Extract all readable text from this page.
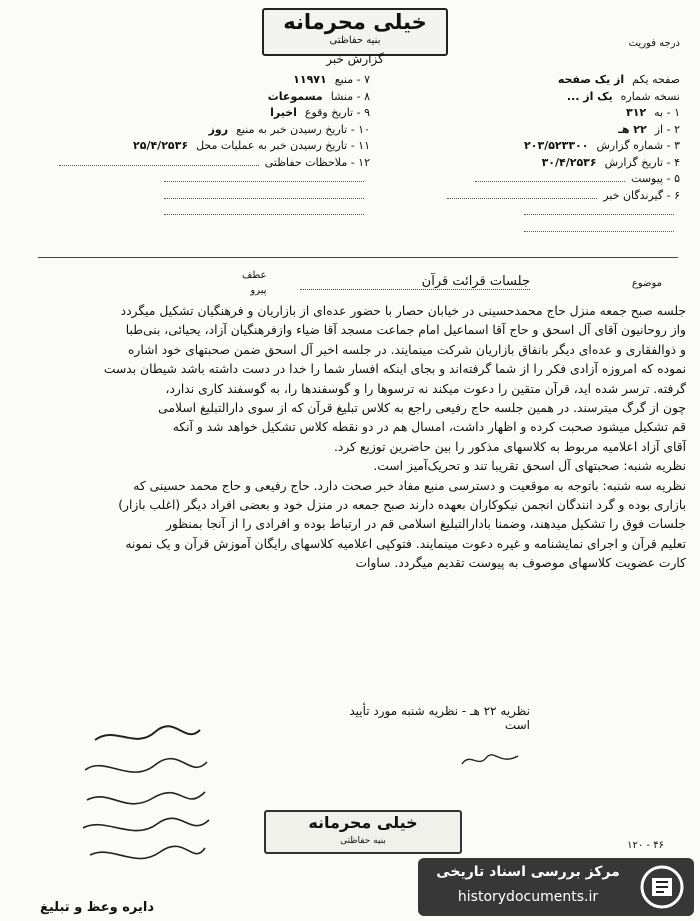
خیلی محرمانه
بنیه حفاظتی
گزارش خبر
درجه فوریت
صفحه یکماز یک صفحه
نسخه شمارهیک از ...
۱ - به۳۱۲
۲ - از۲۲ هـ
۳ - شماره گزارش۲۰۳/۵۲۳۳۰۰
۴ - تاریخ گزارش۳۰/۴/۲۵۳۶
۵ - پیوست
۶ - گیرندگان خبر
۷ - منبع۱۱۹۷۱
۸ - منشامسموعات
۹ - تاریخ وقوعاخیرا
۱۰ - تاریخ رسیدن خبر به منبعروز
۱۱ - تاریخ رسیدن خبر به عملیات محل۲۵/۴/۲۵۳۶
۱۲ - ملاحظات حفاظتی
عطف
پیرو
جلسات قرائت قرآن	موضوع

جلسه صبح جمعه منزل حاج محمدحسینی در خیابان حصار با حضور عده‌ای از بازاریان و فرهنگیان تشکیل میگردد

واز روحانیون آقای آل اسحق و حاج آقا اسماعیل امام جماعت مسجد آقا ضیاء وازفرهنگیان آزاد، یحیائی، بنی‌طبا

و ذوالفقاری و عده‌ای دیگر بانفاق بازاریان شرکت مینمایند. در جلسه اخیر آل اسحق ضمن صحبتهای خود اشاره

نموده که امروزه آزادی فکر را از شما گرفته‌اند و بجای اینکه افسار شما را خدا در دست داشته باشد شیطان بدست

گرفته. ترسر شده اید، قرآن متقین را دعوت میکند نه ترسو‌ها را و گوسفند‌ها را، به گوسفند کاری ندارد،

چون از گرگ میترسند. در همین جلسه حاج رفیعی راجع به کلاس تبلیغ قرآن که از سوی دارالتبلیغ اسلامی

قم تشکیل میشود صحبت کرده و اظهار داشت، امسال هم در دو نقطه کلاس تشکیل خواهد شد و آنکه

آقای آزاد اعلامیه مربوط به کلاسهای مذکور را بین حاضرین توزیع کرد.

نظریه شنبه: صحبتهای آل اسحق تقریبا تند و تحریک‌آمیز است.

نظریه سه شنبه: باتوجه به موقعیت و دسترسی منبع مفاد خبر صحت دارد. حاج رفیعی و حاج محمد حسینی که

بازاری بوده و گرد انندگان انجمن نیکوکاران بعهده دارند صبح جمعه در منزل خود و بعضی افراد دیگر (اغلب بازار)

جلسات فوق را تشکیل میدهند، وضمنا بادارالتبلیغ اسلامی قم در ارتباط بوده و افرادی را از آنجا بمنظور

تعلیم قرآن و اجرای نمایشنامه و غیره دعوت مینمایند. فتوکپی اعلامیه کلاسهای رایگان آموزش قرآن و یک نمونه

کارت عضویت کلاسهای موصوف به پیوست تقدیم میگردد. ساوات

نظریه ۲۲ هـ - نظریه شنبه مورد تأیید است
خیلی محرمانه
بنیه حفاظتی	۱۲۰ - ۴۶
دایره وعظ و تبلیغ
مرکز بررسی اسناد تاریخی
historydocuments.ir
